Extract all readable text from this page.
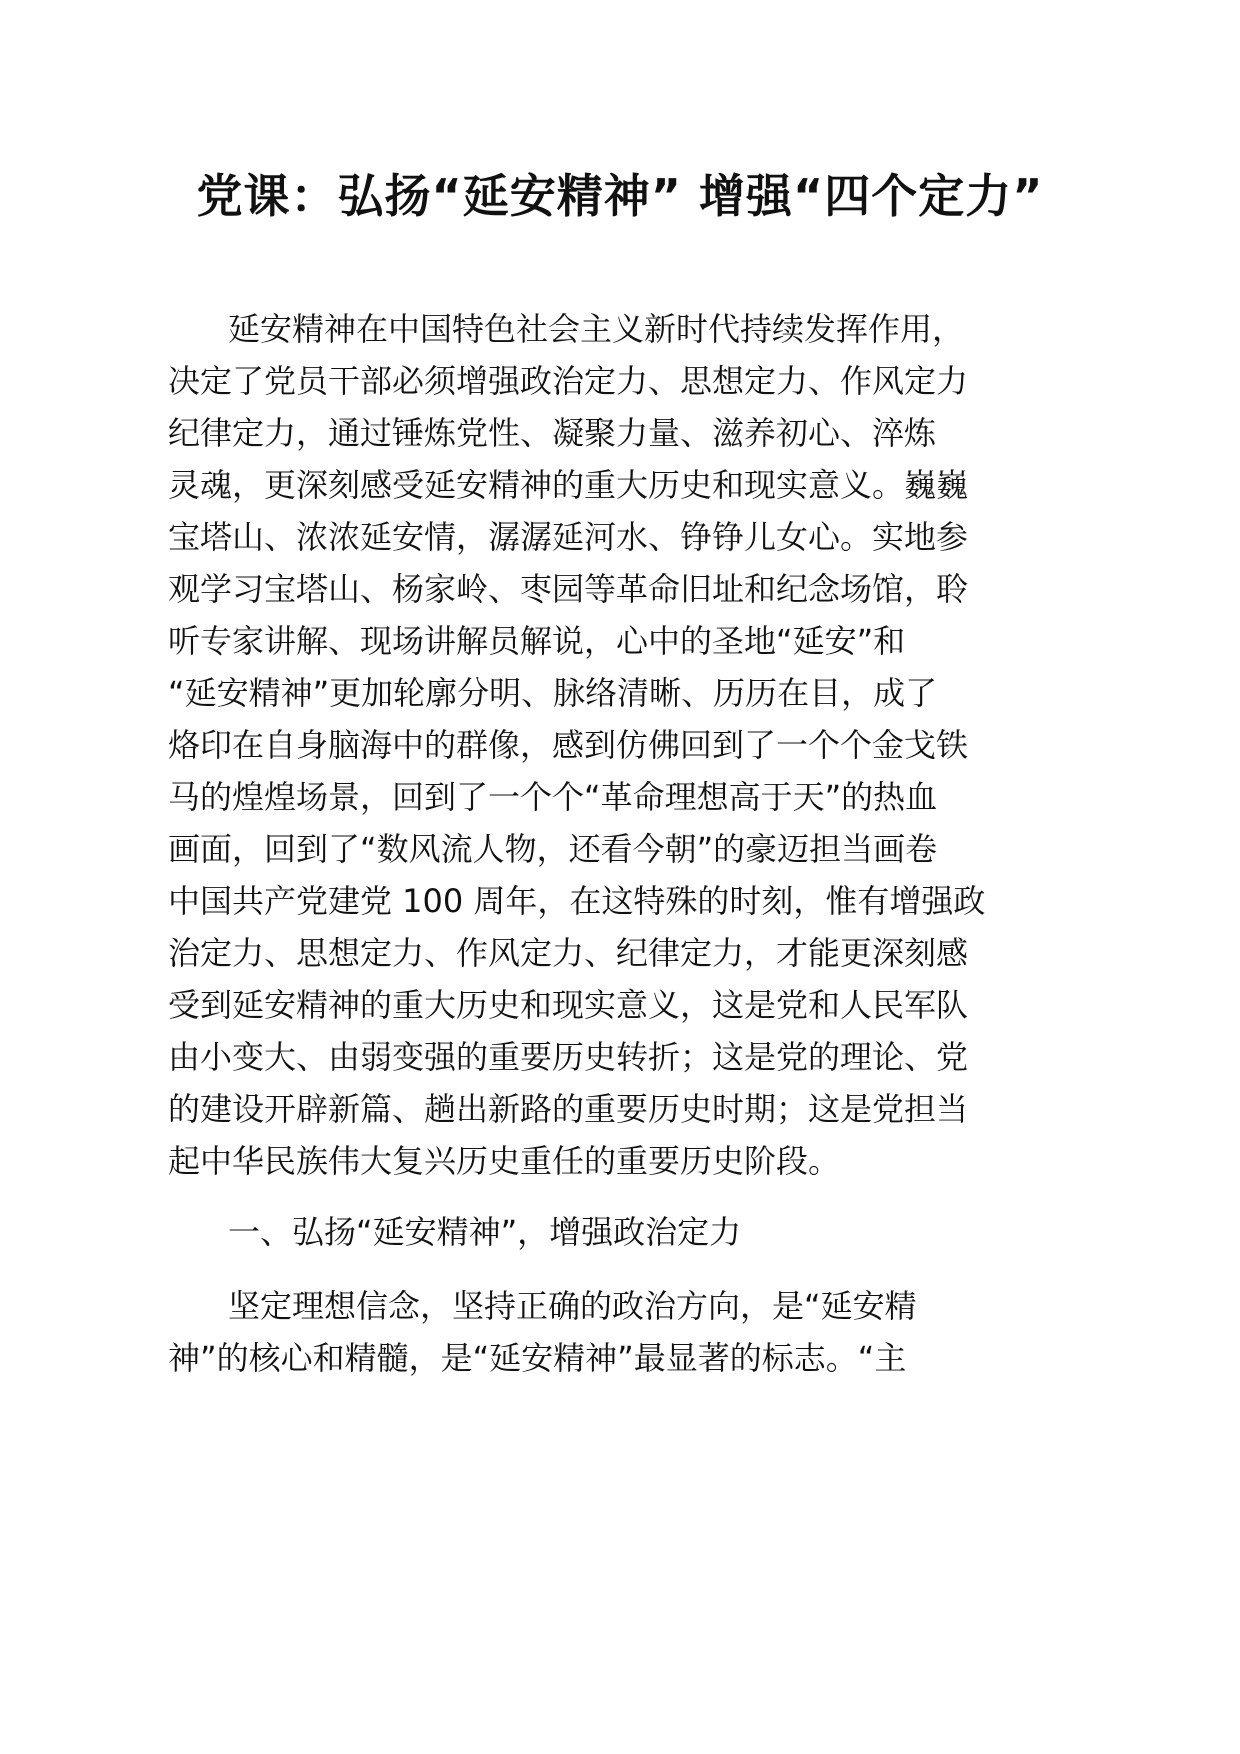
党课：弘扬“延安精神” 增强“四个定力”
延安精神在中国特色社会主义新时代持续发挥作用，
决定了党员干部必须增强政治定力、思想定力、作风定力
纪律定力，通过锤炼党性、凝聚力量、滋养初心、淬炼
灵魂，更深刻感受延安精神的重大历史和现实意义。巍巍
宝塔山、浓浓延安情，潺潺延河水、铮铮儿女心。实地参
观学习宝塔山、杨家岭、枣园等革命旧址和纪念场馆，聆
听专家讲解、现场讲解员解说，心中的圣地“延安”和
“延安精神”更加轮廓分明、脉络清晰、历历在目，成了
烙印在自身脑海中的群像，感到仿佛回到了一个个金戈铁
马的煌煌场景，回到了一个个“革命理想高于天”的热血
画面，回到了“数风流人物，还看今朝”的豪迈担当画卷
中国共产党建党 100 周年，在这特殊的时刻，惟有增强政
治定力、思想定力、作风定力、纪律定力，才能更深刻感
受到延安精神的重大历史和现实意义，这是党和人民军队
由小变大、由弱变强的重要历史转折；这是党的理论、党
的建设开辟新篇、趟出新路的重要历史时期；这是党担当
起中华民族伟大复兴历史重任的重要历史阶段。
一、弘扬“延安精神”，增强政治定力
坚定理想信念，坚持正确的政治方向，是“延安精
神”的核心和精髓，是“延安精神”最显著的标志。“主
